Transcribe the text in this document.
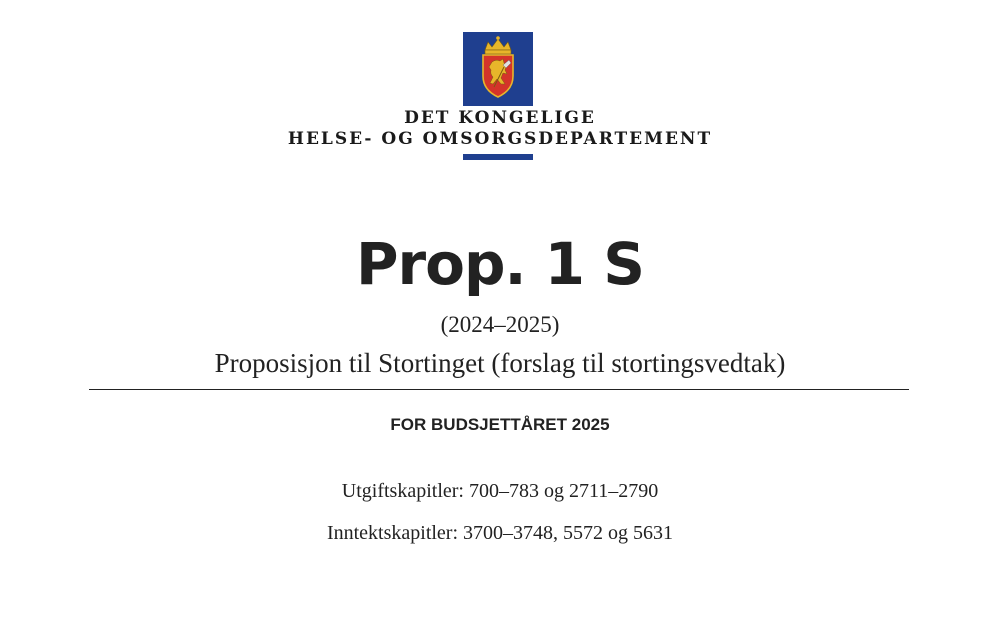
DET KONGELIGE
HELSE- OG OMSORGSDEPARTEMENT
Prop. 1 S
(2024–2025)
Proposisjon til Stortinget (forslag til stortingsvedtak)
FOR BUDSJETTÅRET 2025
Utgiftskapitler: 700–783 og 2711–2790
Inntektskapitler: 3700–3748, 5572 og 5631
